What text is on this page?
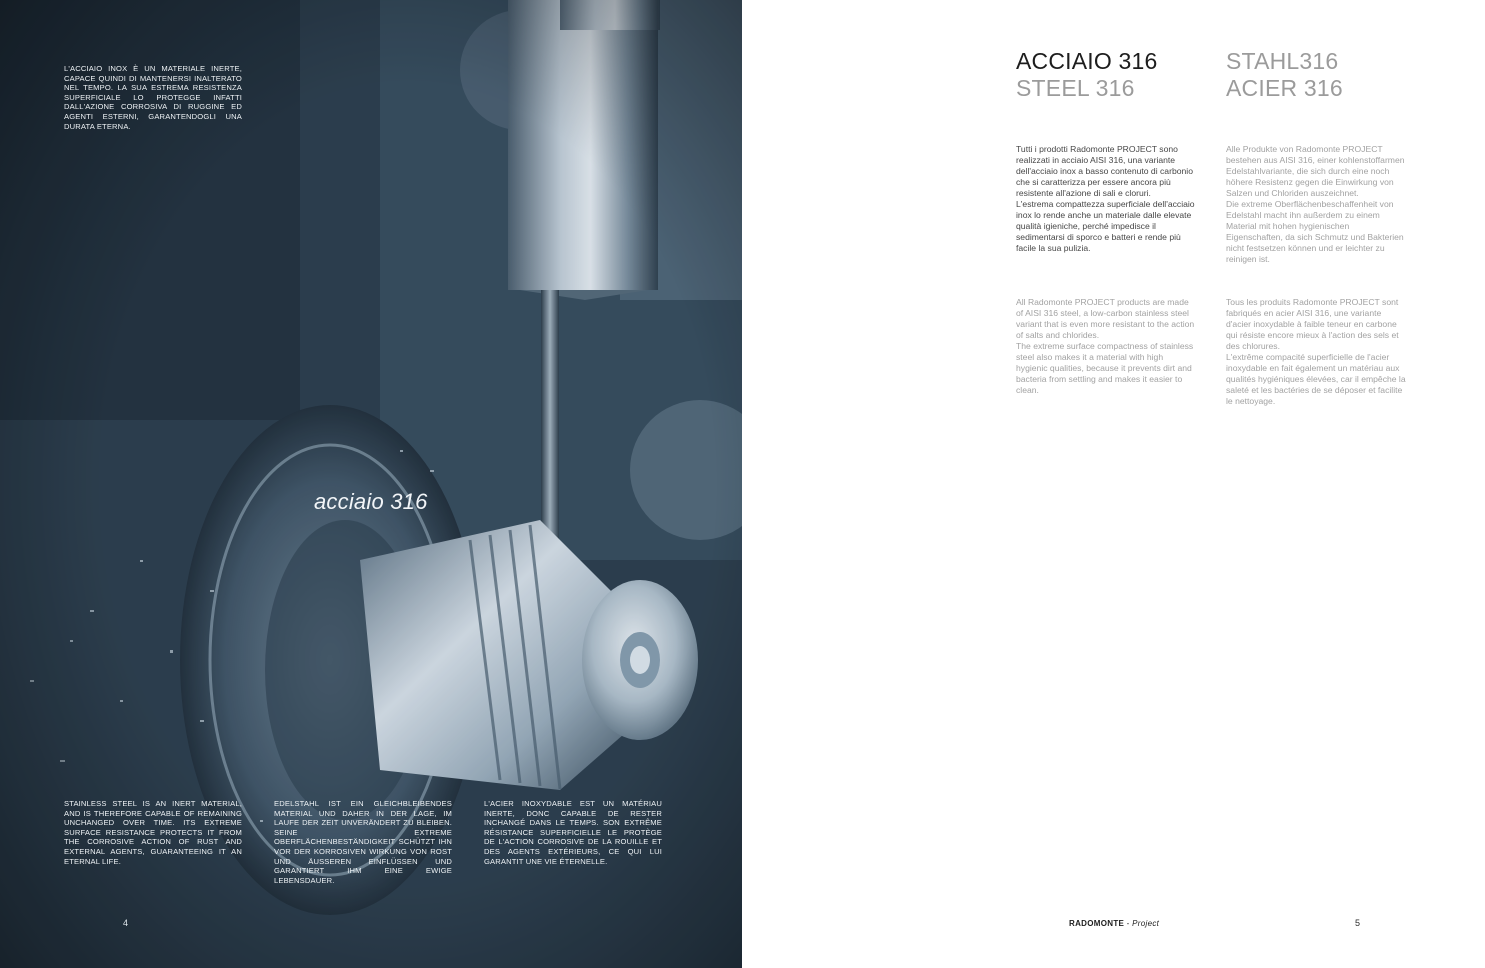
L'ACCIAIO INOX È UN MATERIALE INERTE, CAPACE QUINDI DI MANTENERSI INALTERATO NEL TEMPO. LA SUA ESTREMA RESISTENZA SUPERFICIALE LO PROTEGGE INFATTI DALL'AZIONE CORROSIVA DI RUGGINE ED AGENTI ESTERNI, GARANTENDOGLI UNA DURATA ETERNA.

acciaio 316

STAINLESS STEEL IS AN INERT MATERIAL, AND IS THEREFORE CAPABLE OF REMAINING UNCHANGED OVER TIME. ITS EXTREME SURFACE RESISTANCE PROTECTS IT FROM THE CORROSIVE ACTION OF RUST AND EXTERNAL AGENTS, GUARANTEEING IT AN ETERNAL LIFE.

EDELSTAHL IST EIN GLEICHBLEIBENDES MATERIAL UND DAHER IN DER LAGE, IM LAUFE DER ZEIT UNVERÄNDERT ZU BLEIBEN. SEINE EXTREME OBERFLÄCHENBESTÄNDIGKEIT SCHÜTZT IHN VOR DER KORROSIVEN WIRKUNG VON ROST UND ÄUSSEREN EINFLÜSSEN UND GARANTIERT IHM EINE EWIGE LEBENSDAUER.

L'ACIER INOXYDABLE EST UN MATÉRIAU INERTE, DONC CAPABLE DE RESTER INCHANGÉ DANS LE TEMPS. SON EXTRÊME RÉSISTANCE SUPERFICIELLE LE PROTÈGE DE L'ACTION CORROSIVE DE LA ROUILLE ET DES AGENTS EXTÉRIEURS, CE QUI LUI GARANTIT UNE VIE ÉTERNELLE.

4
ACCIAIO 316
STEEL 316
STAHL316
ACIER 316

Tutti i prodotti Radomonte PROJECT sono realizzati in acciaio AISI 316, una variante dell'acciaio inox a basso contenuto di carbonio che si caratterizza per essere ancora più resistente all'azione di sali e cloruri.
L'estrema compattezza superficiale dell'acciaio inox lo rende anche un materiale dalle elevate qualità igieniche, perché impedisce il sedimentarsi di sporco e batteri e rende più facile la sua pulizia.

Alle Produkte von Radomonte PROJECT bestehen aus AISI 316, einer kohlenstoffarmen Edelstahlvariante, die sich durch eine noch höhere Resistenz gegen die Einwirkung von Salzen und Chloriden auszeichnet.
Die extreme Oberflächenbeschaffenheit von Edelstahl macht ihn außerdem zu einem Material mit hohen hygienischen Eigenschaften, da sich Schmutz und Bakterien nicht festsetzen können und er leichter zu reinigen ist.

All Radomonte PROJECT products are made of AISI 316 steel, a low-carbon stainless steel variant that is even more resistant to the action of salts and chlorides.
The extreme surface compactness of stainless steel also makes it a material with high hygienic qualities, because it prevents dirt and bacteria from settling and makes it easier to clean.

Tous les produits Radomonte PROJECT sont fabriqués en acier AISI 316, une variante d'acier inoxydable à faible teneur en carbone qui résiste encore mieux à l'action des sels et des chlorures.
L'extrême compacité superficielle de l'acier inoxydable en fait également un matériau aux qualités hygiéniques élevées, car il empêche la saleté et les bactéries de se déposer et facilite le nettoyage.

RADOMONTE - Project	5
